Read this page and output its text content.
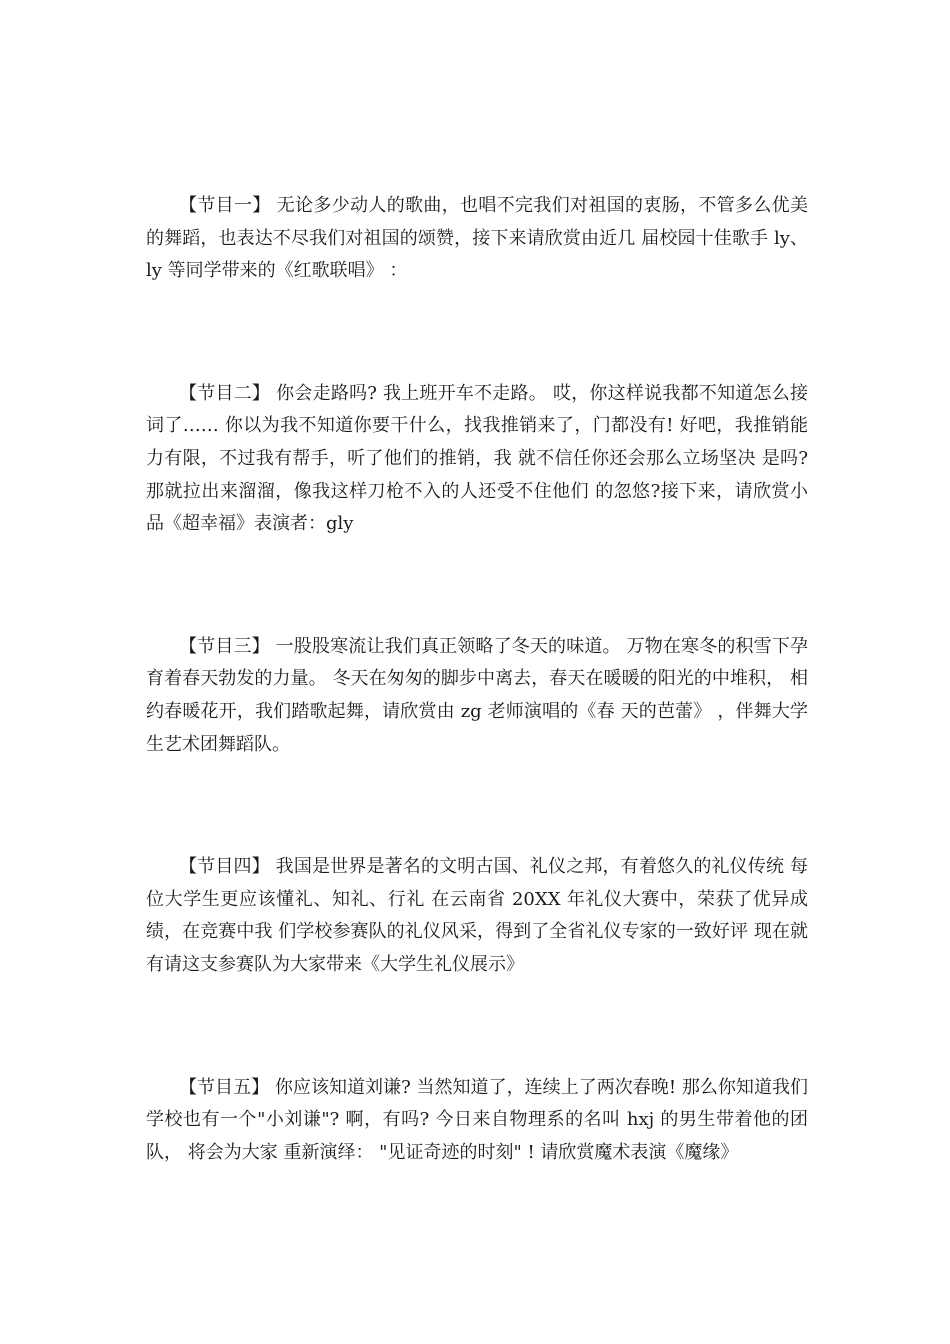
【节目一】 无论多少动人的歌曲，也唱不完我们对祖国的衷肠，不管多么优美的舞蹈，也表达不尽我们对祖国的颂赞，接下来请欣赏由近几 届校园十佳歌手 ly、ly 等同学带来的《红歌联唱》 ：

【节目二】 你会走路吗? 我上班开车不走路。 哎，你这样说我都不知道怎么接词了…… 你以为我不知道你要干什么，找我推销来了，门都没有! 好吧，我推销能力有限，不过我有帮手，听了他们的推销，我 就不信任你还会那么立场坚决 是吗?那就拉出来溜溜，像我这样刀枪不入的人还受不住他们 的忽悠?接下来，请欣赏小品《超幸福》表演者：gly

【节目三】 一股股寒流让我们真正领略了冬天的味道。 万物在寒冬的积雪下孕育着春天勃发的力量。 冬天在匆匆的脚步中离去，春天在暖暖的阳光的中堆积， 相约春暖花开，我们踏歌起舞，请欣赏由 zg 老师演唱的《春 天的芭蕾》 ，伴舞大学生艺术团舞蹈队。

【节目四】 我国是世界是著名的文明古国、礼仪之邦，有着悠久的礼仪传统 每位大学生更应该懂礼、知礼、行礼 在云南省 20XX 年礼仪大赛中，荣获了优异成绩，在竞赛中我 们学校参赛队的礼仪风采，得到了全省礼仪专家的一致好评 现在就有请这支参赛队为大家带来《大学生礼仪展示》

【节目五】 你应该知道刘谦? 当然知道了，连续上了两次春晚! 那么你知道我们学校也有一个"小刘谦"? 啊，有吗? 今日来自物理系的名叫 hxj 的男生带着他的团队， 将会为大家 重新演绎： "见证奇迹的时刻" ! 请欣赏魔术表演《魔缘》
